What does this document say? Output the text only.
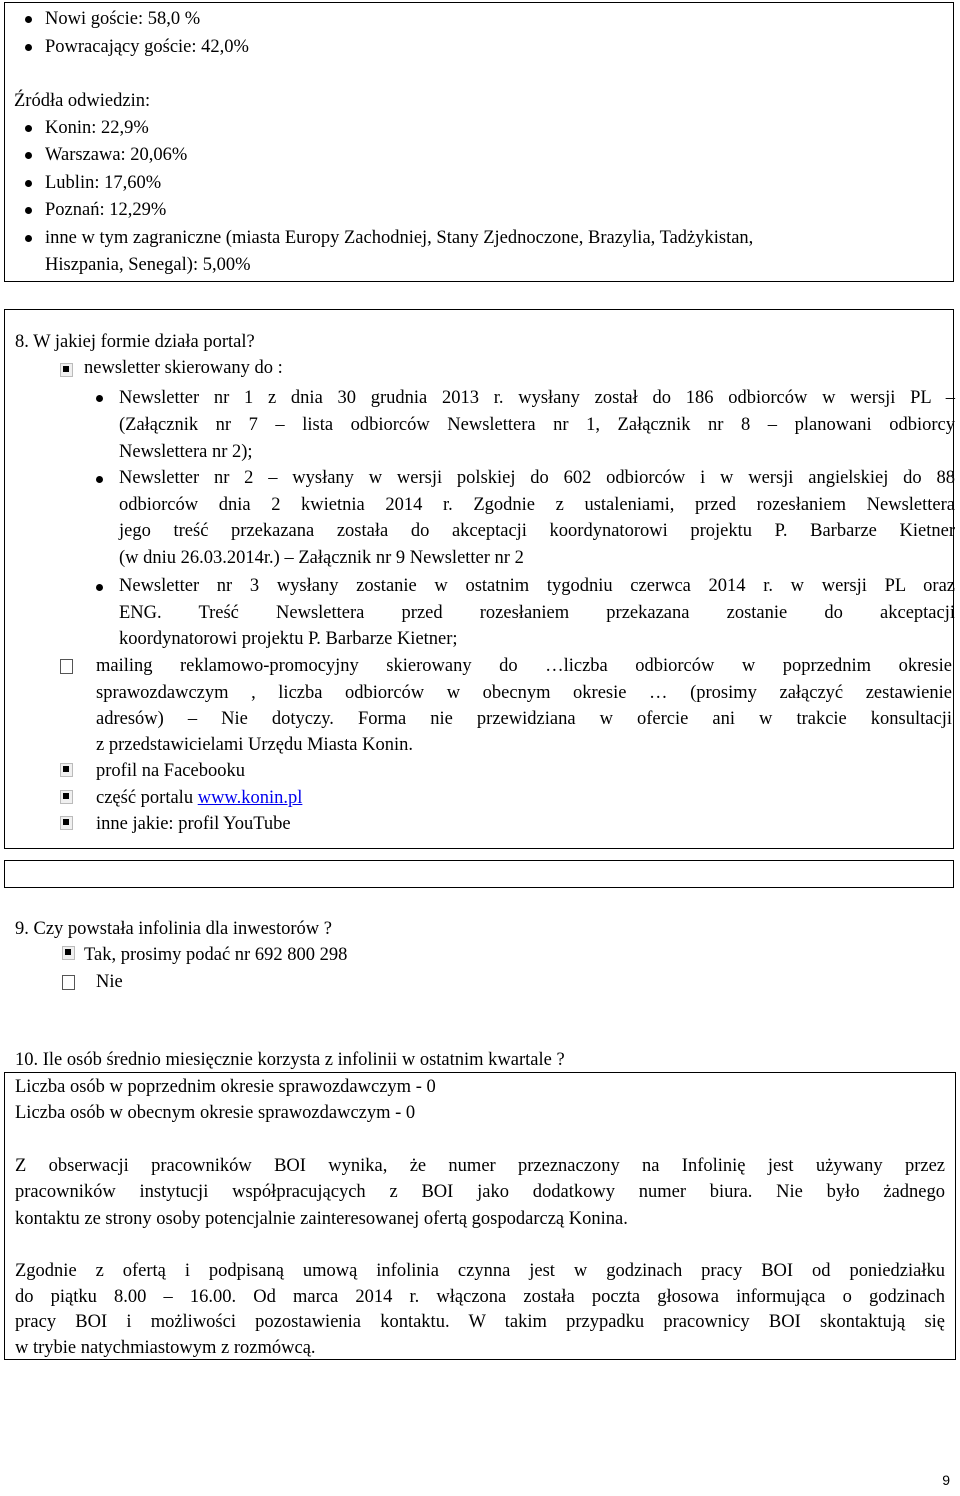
Nowi goście: 58,0 %
Powracający goście: 42,0%
Źródła odwiedzin:
Konin: 22,9%
Warszawa: 20,06%
Lublin: 17,60%
Poznań: 12,29%
inne w tym zagraniczne (miasta Europy Zachodniej, Stany Zjednoczone, Brazylia, Tadżykistan,
Hiszpania, Senegal): 5,00%
8. W jakiej formie działa portal?
newsletter skierowany do :
Newsletter nr 1 z dnia 30 grudnia 2013 r. wysłany został do 186 odbiorców w wersji PL –
(Załącznik nr 7 – lista odbiorców Newslettera nr 1, Załącznik nr 8 – planowani odbiorcy
Newslettera nr 2);
Newsletter nr 2 – wysłany w wersji polskiej do 602 odbiorców i w wersji angielskiej do 88
odbiorców dnia 2 kwietnia 2014 r. Zgodnie z ustaleniami, przed rozesłaniem Newslettera
jego treść przekazana została do akceptacji koordynatorowi projektu P. Barbarze Kietner
(w dniu 26.03.2014r.) – Załącznik nr 9 Newsletter nr 2
Newsletter nr 3 wysłany zostanie w ostatnim tygodniu czerwca 2014 r. w wersji PL oraz
ENG. Treść Newslettera przed rozesłaniem przekazana zostanie do akceptacji
koordynatorowi projektu P. Barbarze Kietner;
mailing reklamowo-promocyjny skierowany do …liczba odbiorców w poprzednim okresie
sprawozdawczym , liczba odbiorców w obecnym okresie … (prosimy załączyć zestawienie
adresów) – Nie dotyczy. Forma nie przewidziana w ofercie ani w trakcie konsultacji
z przedstawicielami Urzędu Miasta Konin.
profil na Facebooku
część portalu www.konin.pl
inne jakie: profil YouTube
9. Czy powstała infolinia dla inwestorów ?
Tak, prosimy podać nr 692 800 298
Nie
10. Ile osób średnio miesięcznie korzysta z infolinii w ostatnim kwartale ?
Liczba osób w poprzednim okresie sprawozdawczym - 0
Liczba osób w obecnym okresie sprawozdawczym - 0
Z obserwacji pracowników BOI wynika, że numer przeznaczony na Infolinię jest używany przez
pracowników instytucji współpracujących z BOI jako dodatkowy numer biura. Nie było żadnego
kontaktu ze strony osoby potencjalnie zainteresowanej ofertą gospodarczą Konina.
Zgodnie z ofertą i podpisaną umową infolinia czynna jest w godzinach pracy BOI od poniedziałku
do piątku 8.00 – 16.00. Od marca 2014 r. włączona została poczta głosowa informująca o godzinach
pracy BOI i możliwości pozostawienia kontaktu. W takim przypadku pracownicy BOI skontaktują się
w trybie natychmiastowym z rozmówcą.
9
